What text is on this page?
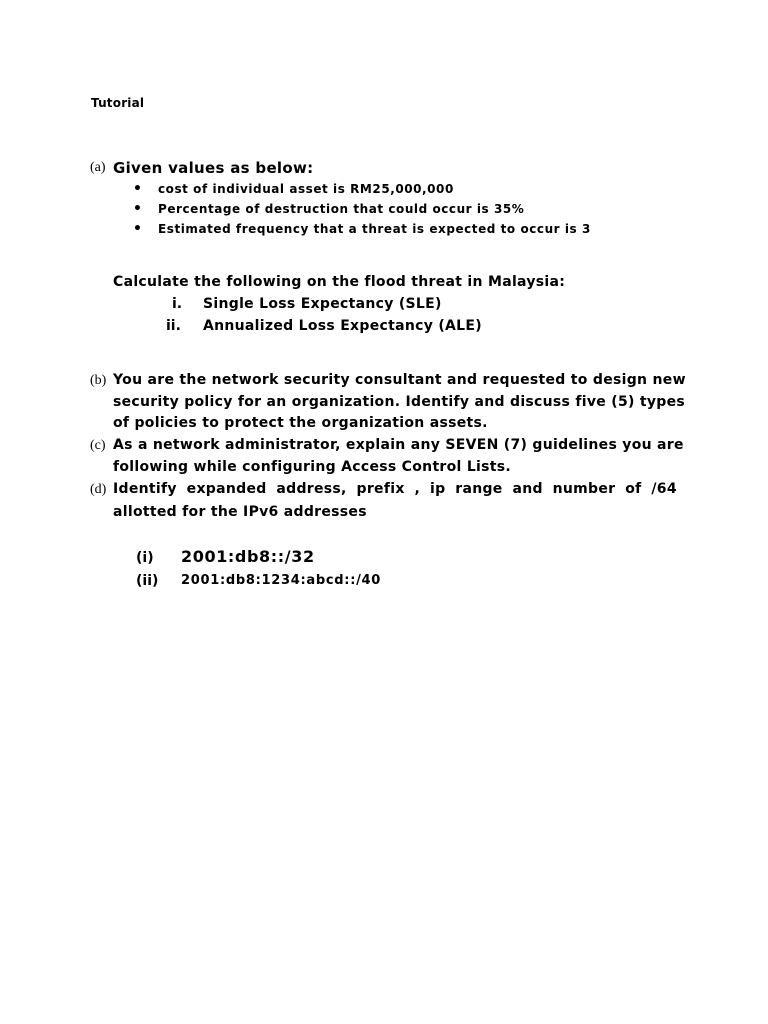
Tutorial
(a) Given values as below:
• cost of individual asset is RM25,000,000
• Percentage of destruction that could occur is 35%
• Estimated frequency that a threat is expected to occur is 3
Calculate the following on the flood threat in Malaysia:
i. Single Loss Expectancy (SLE)
ii. Annualized Loss Expectancy (ALE)
(b) You are the network security consultant and requested to design new
security policy for an organization. Identify and discuss five (5) types
of policies to protect the organization assets.
(c) As a network administrator, explain any SEVEN (7) guidelines you are
following while configuring Access Control Lists.
(d) Identify expanded address, prefix , ip range and number of /64
allotted for the IPv6 addresses
(i) 2001:db8::/32
(ii) 2001:db8:1234:abcd::/40
